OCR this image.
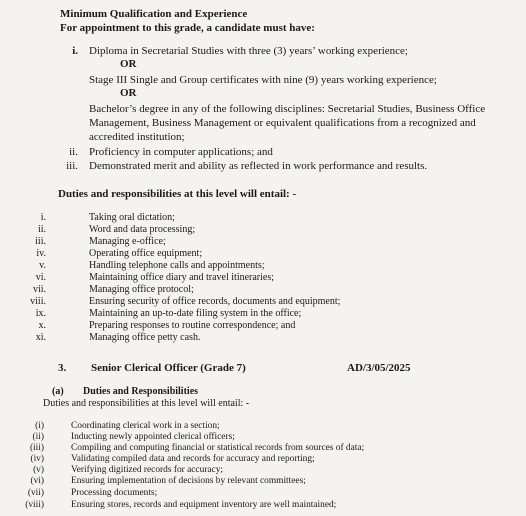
Minimum Qualification and Experience
For appointment to this grade, a candidate must have:
i. Diploma in Secretarial Studies with three (3) years’ working experience;
OR
Stage III Single and Group certificates with nine (9) years working experience;
OR
Bachelor’s degree in any of the following disciplines: Secretarial Studies, Business Office
Management, Business Management or equivalent qualifications from a recognized and
accredited institution;
ii. Proficiency in computer applications; and
iii. Demonstrated merit and ability as reflected in work performance and results.
Duties and responsibilities at this level will entail: -
i.	Taking oral dictation;
ii.	Word and data processing;
iii.	Managing e-office;
iv.	Operating office equipment;
v.	Handling telephone calls and appointments;
vi.	Maintaining office diary and travel itineraries;
vii.	Managing office protocol;
viii.	Ensuring security of office records, documents and equipment;
ix.	Maintaining an up-to-date filing system in the office;
x.	Preparing responses to routine correspondence; and
xi.	Managing office petty cash.
3. Senior Clerical Officer (Grade 7)	AD/3/05/2025
(a) Duties and Responsibilities
Duties and responsibilities at this level will entail: -
(i)	Coordinating clerical work in a section;
(ii)	Inducting newly appointed clerical officers;
(iii)	Compiling and computing financial or statistical records from sources of data;
(iv)	Validating compiled data and records for accuracy and reporting;
(v)	Verifying digitized records for accuracy;
(vi)	Ensuring implementation of decisions by relevant committees;
(vii)	Processing documents;
(viii)	Ensuring stores, records and equipment inventory are well maintained;
